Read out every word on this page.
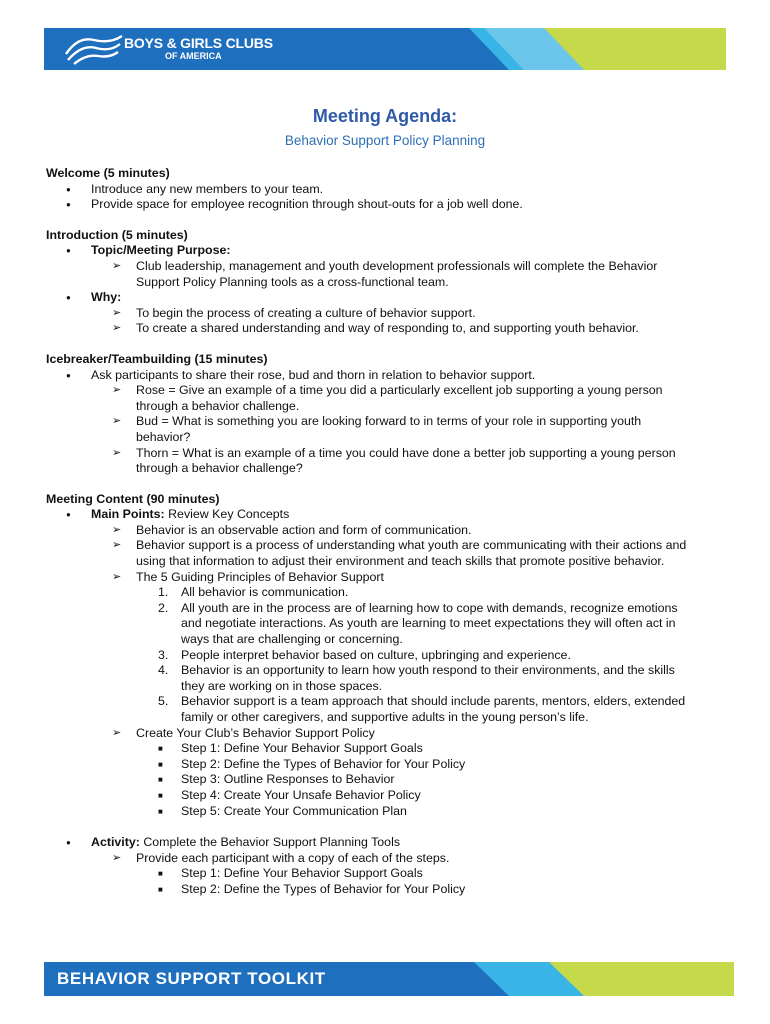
BOYS & GIRLS CLUBS
OF AMERICA
Meeting Agenda:
Behavior Support Policy Planning
Welcome (5 minutes)
● Introduce any new members to your team.
● Provide space for employee recognition through shout-outs for a job well done.
Introduction (5 minutes)
● Topic/Meeting Purpose:
➢ Club leadership, management and youth development professionals will complete the Behavior
Support Policy Planning tools as a cross-functional team.
● Why:
➢ To begin the process of creating a culture of behavior support.
➢ To create a shared understanding and way of responding to, and supporting youth behavior.
Icebreaker/Teambuilding (15 minutes)
● Ask participants to share their rose, bud and thorn in relation to behavior support.
➢ Rose = Give an example of a time you did a particularly excellent job supporting a young person
through a behavior challenge.
➢ Bud = What is something you are looking forward to in terms of your role in supporting youth
behavior?
➢ Thorn = What is an example of a time you could have done a better job supporting a young person
through a behavior challenge?
Meeting Content (90 minutes)
● Main Points: Review Key Concepts
➢ Behavior is an observable action and form of communication.
➢ Behavior support is a process of understanding what youth are communicating with their actions and
using that information to adjust their environment and teach skills that promote positive behavior.
➢ The 5 Guiding Principles of Behavior Support
1. All behavior is communication.
2. All youth are in the process are of learning how to cope with demands, recognize emotions
and negotiate interactions. As youth are learning to meet expectations they will often act in
ways that are challenging or concerning.
3. People interpret behavior based on culture, upbringing and experience.
4. Behavior is an opportunity to learn how youth respond to their environments, and the skills
they are working on in those spaces.
5. Behavior support is a team approach that should include parents, mentors, elders, extended
family or other caregivers, and supportive adults in the young person’s life.
➢ Create Your Club’s Behavior Support Policy
■ Step 1: Define Your Behavior Support Goals
■ Step 2: Define the Types of Behavior for Your Policy
■ Step 3: Outline Responses to Behavior
■ Step 4: Create Your Unsafe Behavior Policy
■ Step 5: Create Your Communication Plan
● Activity: Complete the Behavior Support Planning Tools
➢ Provide each participant with a copy of each of the steps.
■ Step 1: Define Your Behavior Support Goals
■ Step 2: Define the Types of Behavior for Your Policy
BEHAVIOR SUPPORT TOOLKIT
